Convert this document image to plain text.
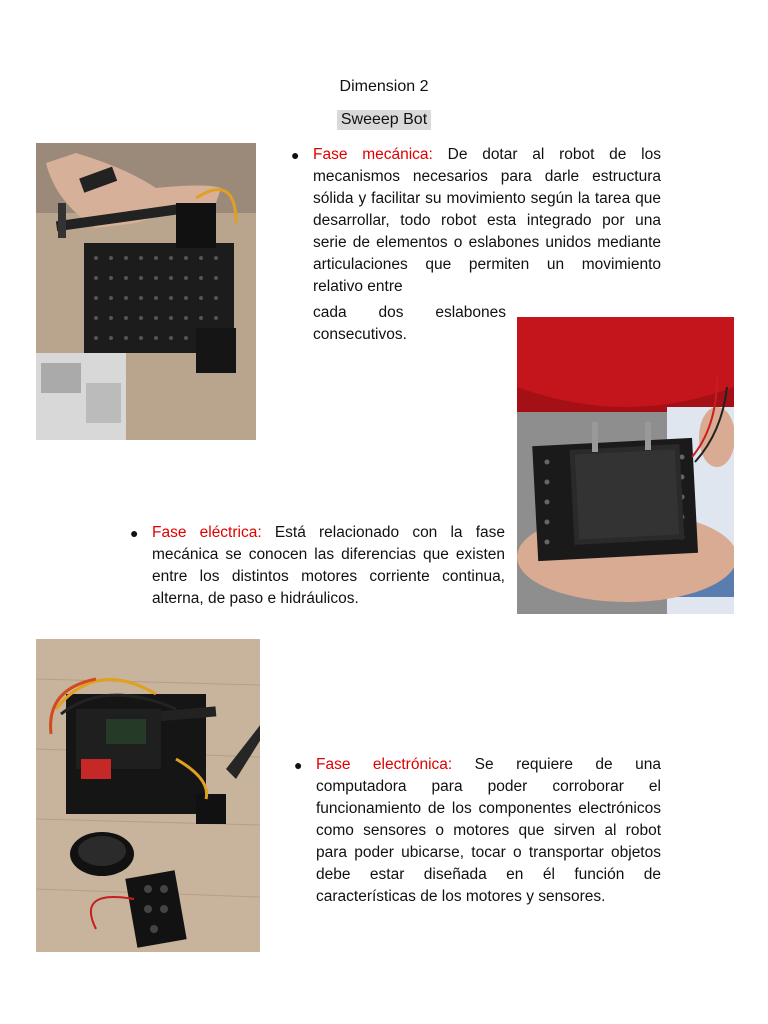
Dimension 2
Sweeep Bot
● Fase mecánica: De dotar al robot de los mecanismos necesarios para darle estructura sólida y facilitar su movimiento según la tarea que desarrollar, todo robot esta integrado por una serie de elementos o eslabones unidos mediante articulaciones que permiten un movimiento relativo entre
cada dos eslabones consecutivos.
● Fase eléctrica: Está relacionado con la fase mecánica se conocen las diferencias que existen entre los distintos motores corriente continua, alterna, de paso e hidráulicos.
● Fase electrónica: Se requiere de una computadora para poder corroborar el funcionamiento de los componentes electrónicos como sensores o motores que sirven al robot para poder ubicarse, tocar o transportar objetos debe estar diseñada en él función de características de los motores y sensores.
